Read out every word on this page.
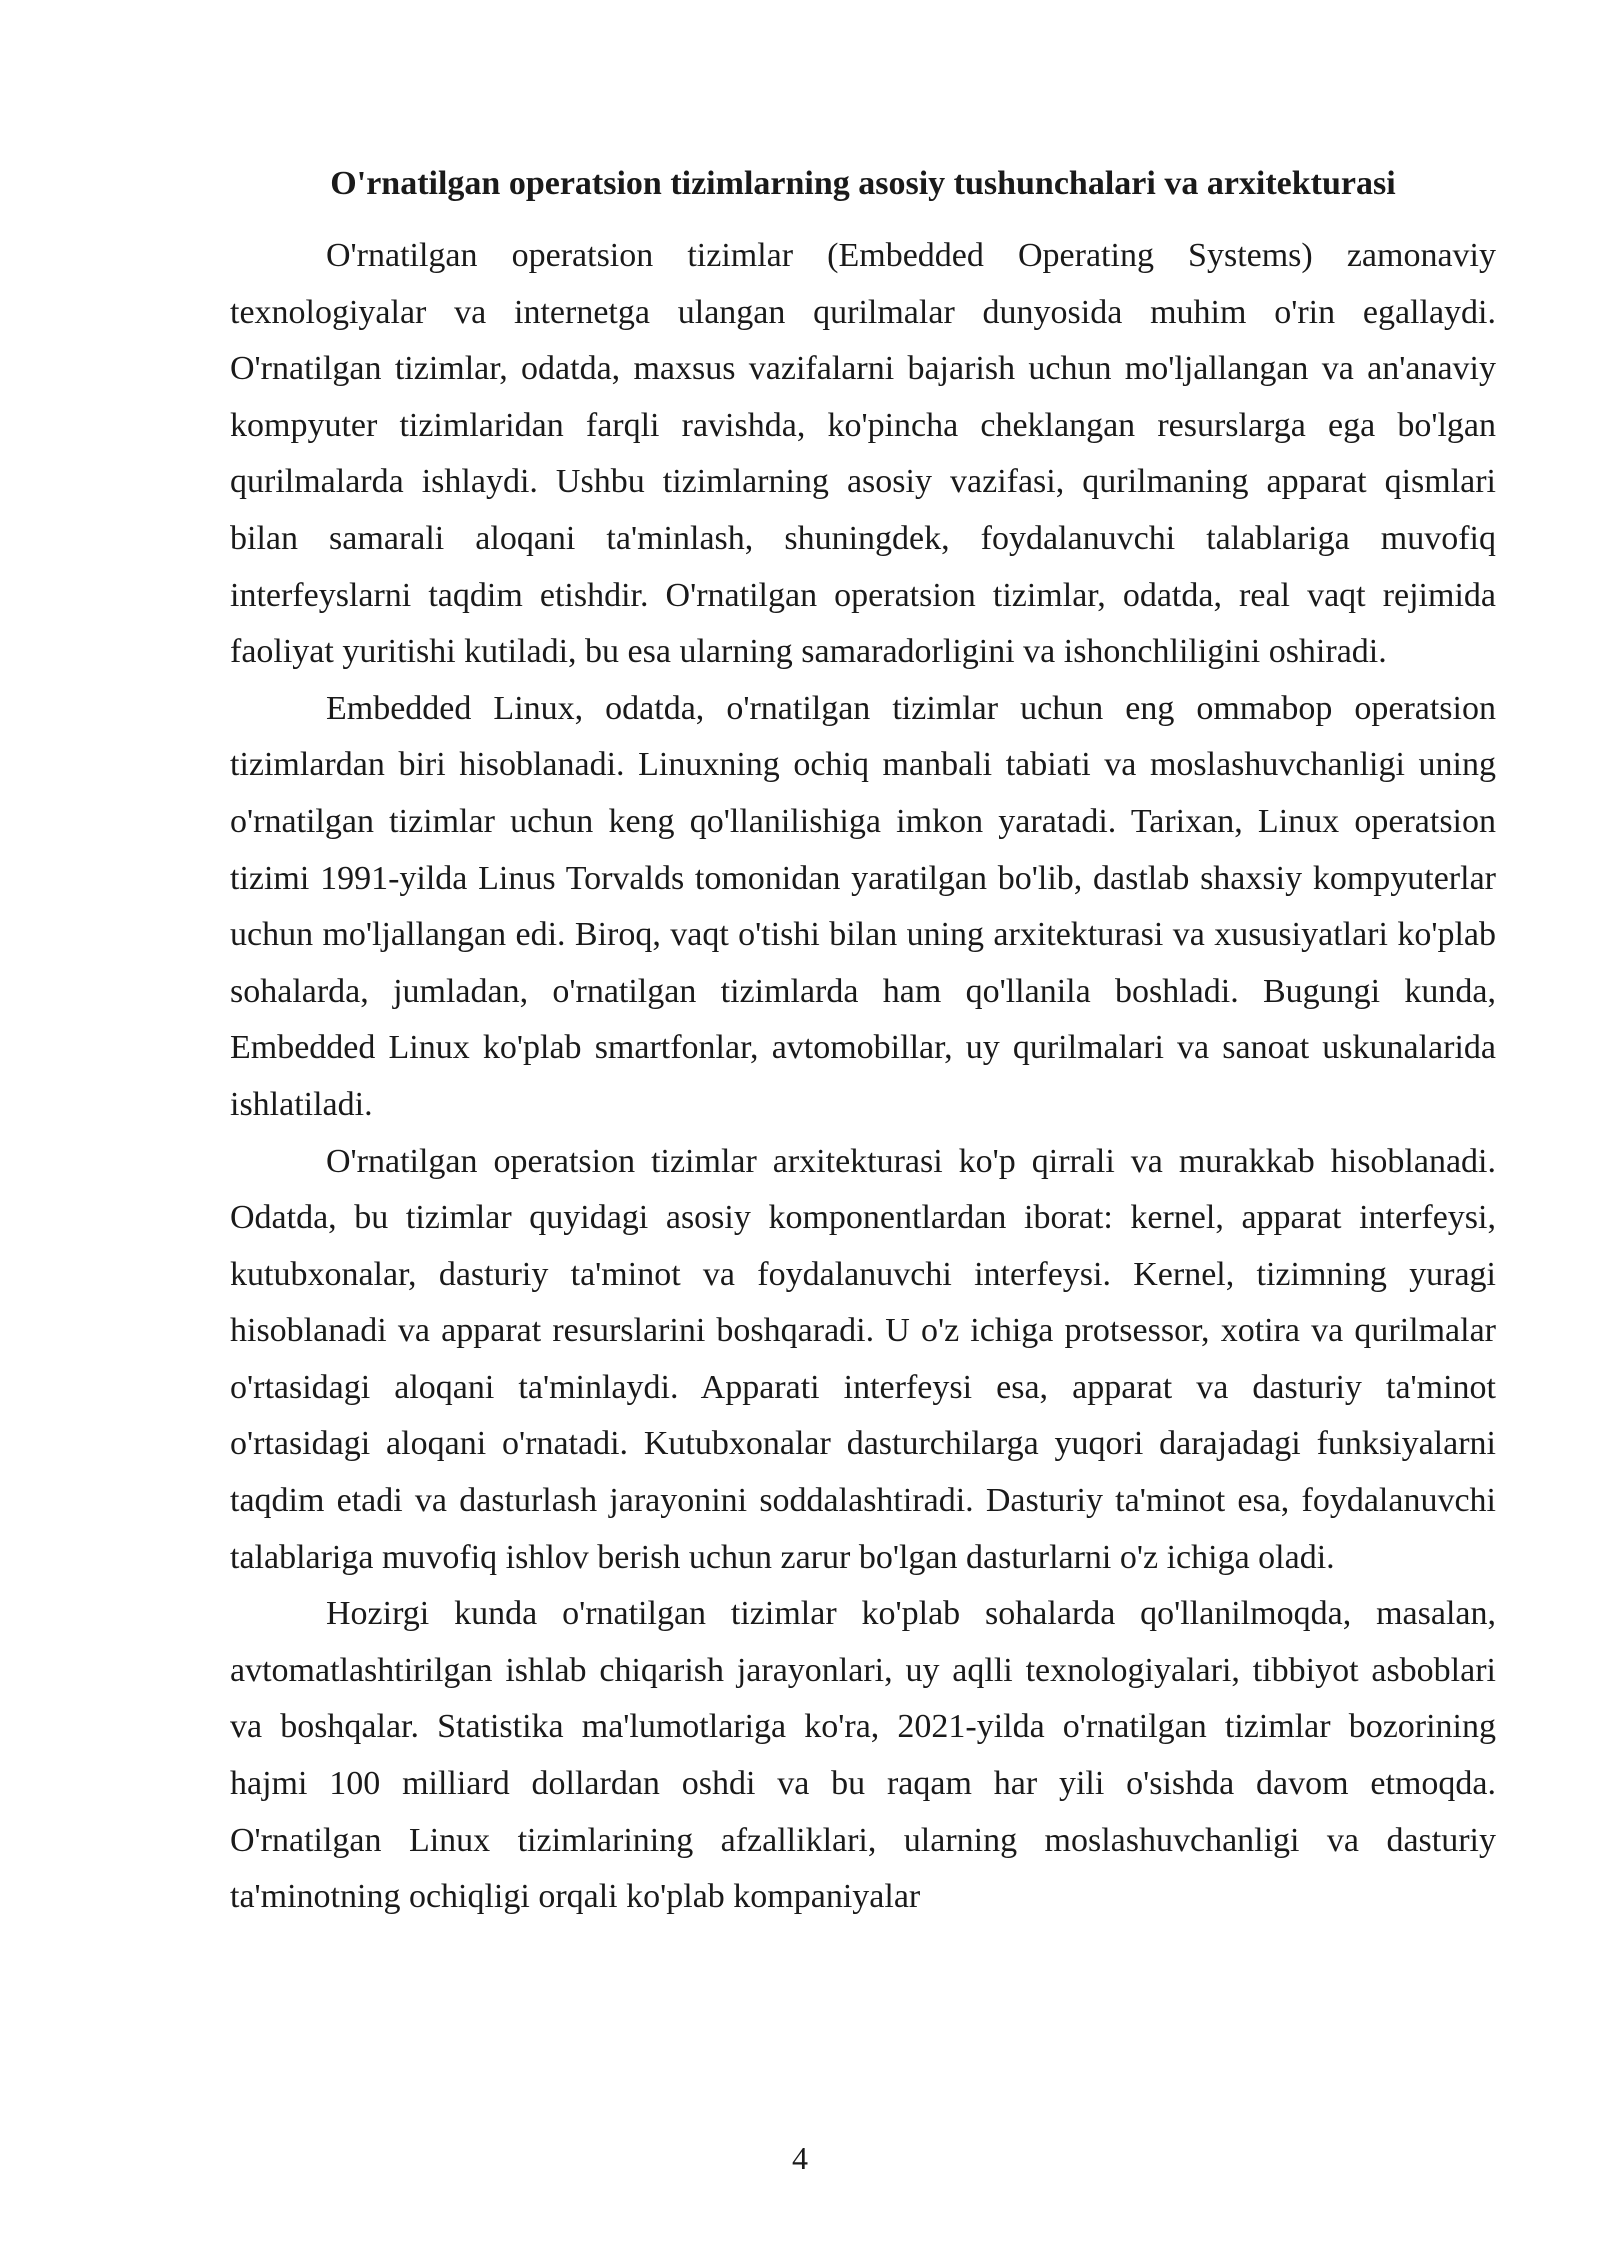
O'rnatilgan operatsion tizimlarning asosiy tushunchalari va arxitekturasi

O'rnatilgan operatsion tizimlar (Embedded Operating Systems) zamonaviy texnologiyalar va internetga ulangan qurilmalar dunyosida muhim o'rin egallaydi. O'rnatilgan tizimlar, odatda, maxsus vazifalarni bajarish uchun mo'ljallangan va an'anaviy kompyuter tizimlaridan farqli ravishda, ko'pincha cheklangan resurslarga ega bo'lgan qurilmalarda ishlaydi. Ushbu tizimlarning asosiy vazifasi, qurilmaning apparat qismlari bilan samarali aloqani ta'minlash, shuningdek, foydalanuvchi talablariga muvofiq interfeyslarni taqdim etishdir. O'rnatilgan operatsion tizimlar, odatda, real vaqt rejimida faoliyat yuritishi kutiladi, bu esa ularning samaradorligini va ishonchliligini oshiradi.

Embedded Linux, odatda, o'rnatilgan tizimlar uchun eng ommabop operatsion tizimlardan biri hisoblanadi. Linuxning ochiq manbali tabiati va moslashuvchanligi uning o'rnatilgan tizimlar uchun keng qo'llanilishiga imkon yaratadi. Tarixan, Linux operatsion tizimi 1991-yilda Linus Torvalds tomonidan yaratilgan bo'lib, dastlab shaxsiy kompyuterlar uchun mo'ljallangan edi. Biroq, vaqt o'tishi bilan uning arxitekturasi va xususiyatlari ko'plab sohalarda, jumladan, o'rnatilgan tizimlarda ham qo'llanila boshladi. Bugungi kunda, Embedded Linux ko'plab smartfonlar, avtomobillar, uy qurilmalari va sanoat uskunalarida ishlatiladi.

O'rnatilgan operatsion tizimlar arxitekturasi ko'p qirrali va murakkab hisoblanadi. Odatda, bu tizimlar quyidagi asosiy komponentlardan iborat: kernel, apparat interfeysi, kutubxonalar, dasturiy ta'minot va foydalanuvchi interfeysi. Kernel, tizimning yuragi hisoblanadi va apparat resurslarini boshqaradi. U o'z ichiga protsessor, xotira va qurilmalar o'rtasidagi aloqani ta'minlaydi. Apparati interfeysi esa, apparat va dasturiy ta'minot o'rtasidagi aloqani o'rnatadi. Kutubxonalar dasturchilarga yuqori darajadagi funksiyalarni taqdim etadi va dasturlash jarayonini soddalashtiradi. Dasturiy ta'minot esa, foydalanuvchi talablariga muvofiq ishlov berish uchun zarur bo'lgan dasturlarni o'z ichiga oladi.

Hozirgi kunda o'rnatilgan tizimlar ko'plab sohalarda qo'llanilmoqda, masalan, avtomatlashtirilgan ishlab chiqarish jarayonlari, uy aqlli texnologiyalari, tibbiyot asboblari va boshqalar. Statistika ma'lumotlariga ko'ra, 2021-yilda o'rnatilgan tizimlar bozorining hajmi 100 milliard dollardan oshdi va bu raqam har yili o'sishda davom etmoqda. O'rnatilgan Linux tizimlarining afzalliklari, ularning moslashuvchanligi va dasturiy ta'minotning ochiqligi orqali ko'plab kompaniyalar

4
